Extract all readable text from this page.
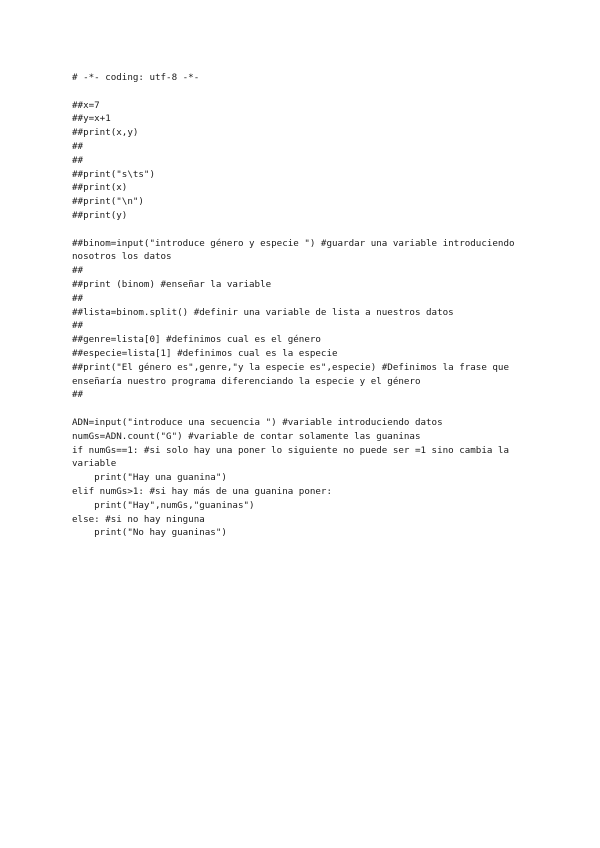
# -*- coding: utf-8 -*-
##x=7
##y=x+1
##print(x,y)
##
##
##print("s\ts")
##print(x)
##print("\n")
##print(y)
##binom=input("introduce género y especie ") #guardar una variable introduciendo nosotros los datos
##
##print (binom) #enseñar la variable
##
##lista=binom.split() #definir una variable de lista a nuestros datos
##
##genre=lista[0] #definimos cual es el género
##especie=lista[1] #definimos cual es la especie
##print("El género es",genre,"y la especie es",especie) #Definimos la frase que enseñaría nuestro programa diferenciando la especie y el género
##
ADN=input("introduce una secuencia ") #variable introduciendo datos
numGs=ADN.count("G") #variable de contar solamente las guaninas
if numGs==1: #si solo hay una poner lo siguiente no puede ser =1 sino cambia la variable
print("Hay una guanina")
elif numGs>1: #si hay más de una guanina poner:
print("Hay",numGs,"guaninas")
else: #si no hay ninguna
print("No hay guaninas")
